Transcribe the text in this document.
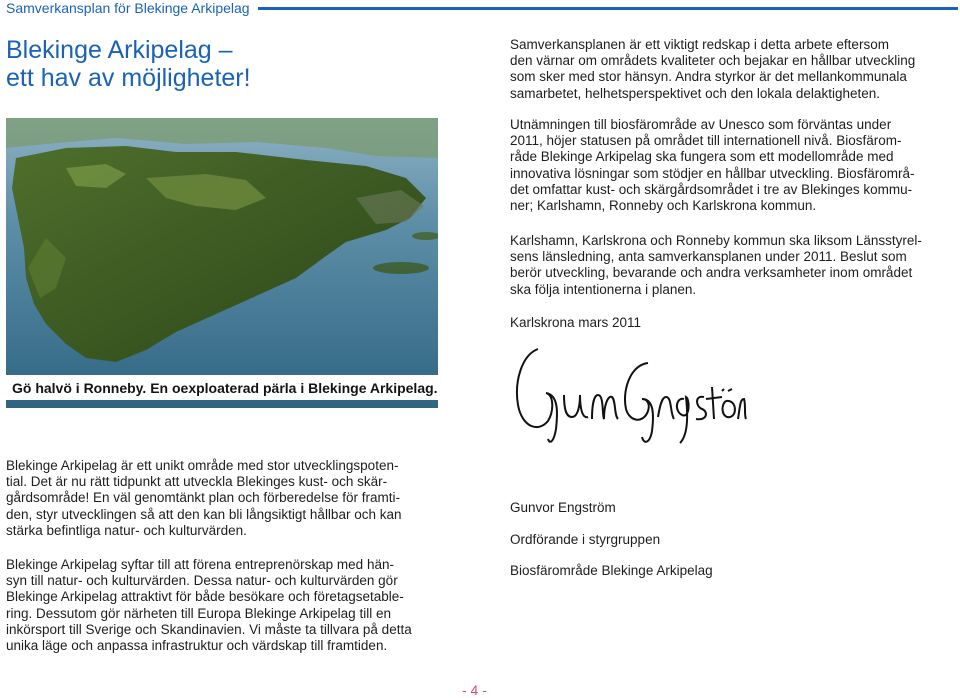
Samverkansplan för Blekinge Arkipelag
Blekinge Arkipelag –
ett hav av möjligheter!
Gö halvö i Ronneby. En oexploaterad pärla i Blekinge Arkipelag.

Samverkansplanen är ett viktigt redskap i detta arbete eftersom

den värnar om områdets kvaliteter och bejakar en hållbar utveckling

som sker med stor hänsyn. Andra styrkor är det mellankommunala

samarbetet, helhetsperspektivet och den lokala delaktigheten.

Utnämningen till biosfärområde av Unesco som förväntas under

2011, höjer statusen på området till internationell nivå. Biosfärom-

råde Blekinge Arkipelag ska fungera som ett modellområde med

innovativa lösningar som stödjer en hållbar utveckling. Biosfärområ-

det omfattar kust- och skärgårdsområdet i tre av Blekinges kommu-

ner; Karlshamn, Ronneby och Karlskrona kommun.

Karlshamn, Karlskrona och Ronneby kommun ska liksom Länsstyrel-

sens länsledning, anta samverkansplanen under 2011. Beslut som

berör utveckling, bevarande och andra verksamheter inom området

ska följa intentionerna i planen.

Karlskrona mars 2011
Gunvor Engström
Ordförande i styrgruppen
Biosfärområde Blekinge Arkipelag

Blekinge Arkipelag är ett unikt område med stor utvecklingspoten-

tial. Det är nu rätt tidpunkt att utveckla Blekinges kust- och skär-

gårdsområde! En väl genomtänkt plan och förberedelse för framti-

den, styr utvecklingen så att den kan bli långsiktigt hållbar och kan

stärka befintliga natur- och kulturvärden.

Blekinge Arkipelag syftar till att förena entreprenörskap med hän-

syn till natur- och kulturvärden. Dessa natur- och kulturvärden gör

Blekinge Arkipelag attraktivt för både besökare och företagsetable-

ring. Dessutom gör närheten till Europa Blekinge Arkipelag till en

inkörsport till Sverige och Skandinavien. Vi måste ta tillvara på detta

unika läge och anpassa infrastruktur och värdskap till framtiden.

- 4 -
